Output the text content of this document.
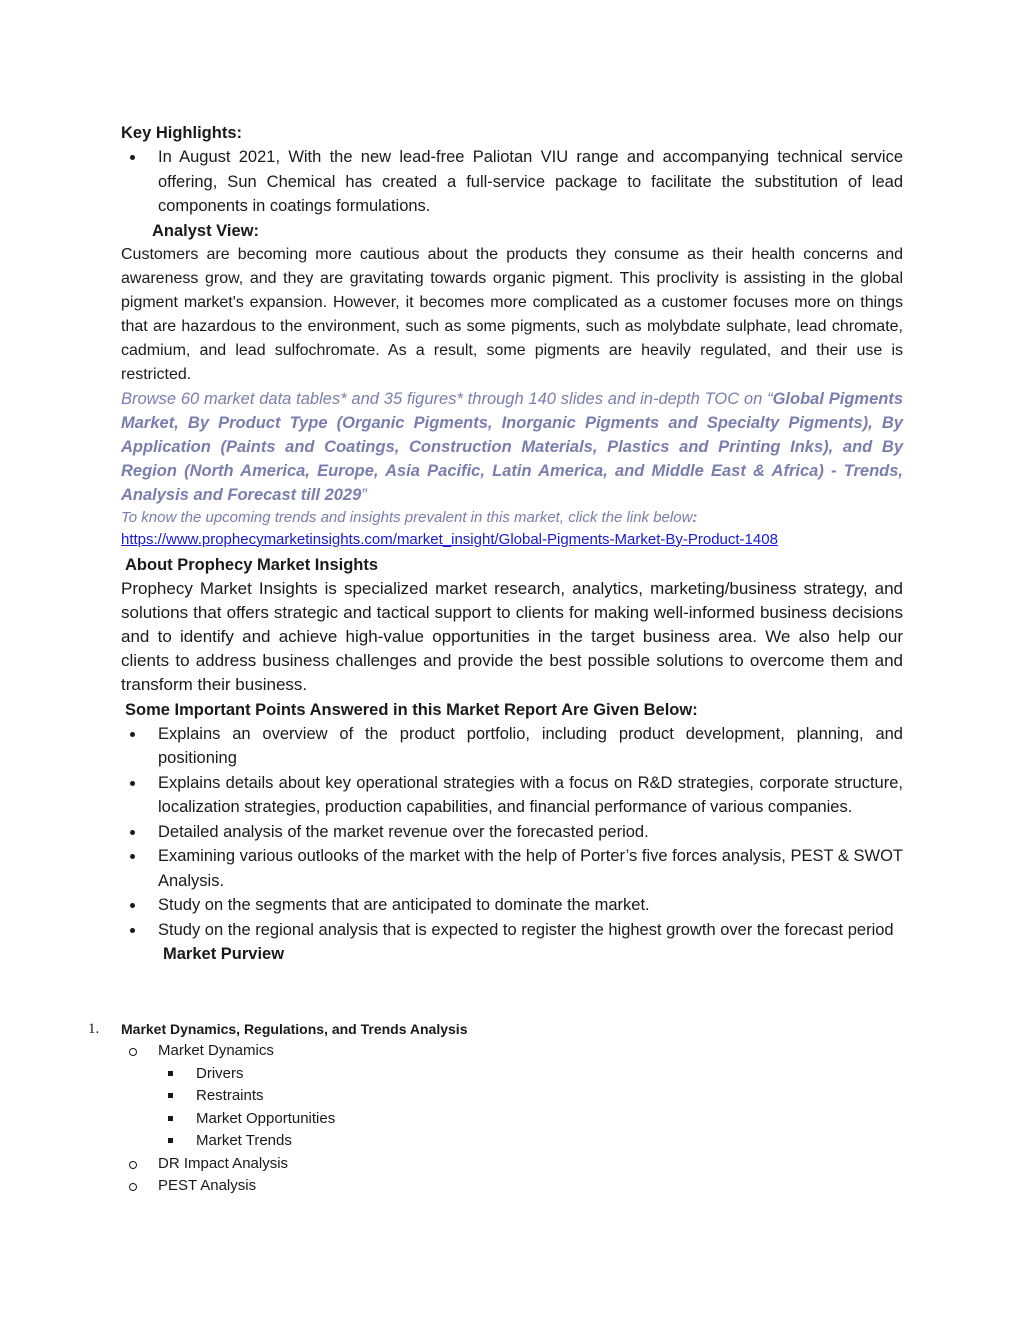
Key Highlights:

In August 2021, With the new lead-free Paliotan VIU range and accompanying technical service offering, Sun Chemical has created a full-service package to facilitate the substitution of lead components in coatings formulations.

Analyst View:

Customers are becoming more cautious about the products they consume as their health concerns and awareness grow, and they are gravitating towards organic pigment. This proclivity is assisting in the global pigment market's expansion. However, it becomes more complicated as a customer focuses more on things that are hazardous to the environment, such as some pigments, such as molybdate sulphate, lead chromate, cadmium, and lead sulfochromate. As a result, some pigments are heavily regulated, and their use is restricted.

Browse 60 market data tables* and 35 figures* through 140 slides and in-depth TOC on “Global Pigments Market, By Product Type (Organic Pigments, Inorganic Pigments and Specialty Pigments), By Application (Paints and Coatings, Construction Materials, Plastics and Printing Inks), and By Region (North America, Europe, Asia Pacific, Latin America, and Middle East & Africa) - Trends, Analysis and Forecast till 2029”

To know the upcoming trends and insights prevalent in this market, click the link below:

https://www.prophecymarketinsights.com/market_insight/Global-Pigments-Market-By-Product-1408

About Prophecy Market Insights

Prophecy Market Insights is specialized market research, analytics, marketing/business strategy, and solutions that offers strategic and tactical support to clients for making well-informed business decisions and to identify and achieve high-value opportunities in the target business area. We also help our clients to address business challenges and provide the best possible solutions to overcome them and transform their business.

Some Important Points Answered in this Market Report Are Given Below:

Explains an overview of the product portfolio, including product development, planning, and positioning
Explains details about key operational strategies with a focus on R&D strategies, corporate structure, localization strategies, production capabilities, and financial performance of various companies.
Detailed analysis of the market revenue over the forecasted period.
Examining various outlooks of the market with the help of Porter’s five forces analysis, PEST & SWOT Analysis.
Study on the segments that are anticipated to dominate the market.
Study on the regional analysis that is expected to register the highest growth over the forecast period

Market Purview

1. Market Dynamics, Regulations, and Trends Analysis

Market Dynamics

Drivers

Restraints

Market Opportunities

Market Trends

DR Impact Analysis

PEST Analysis
